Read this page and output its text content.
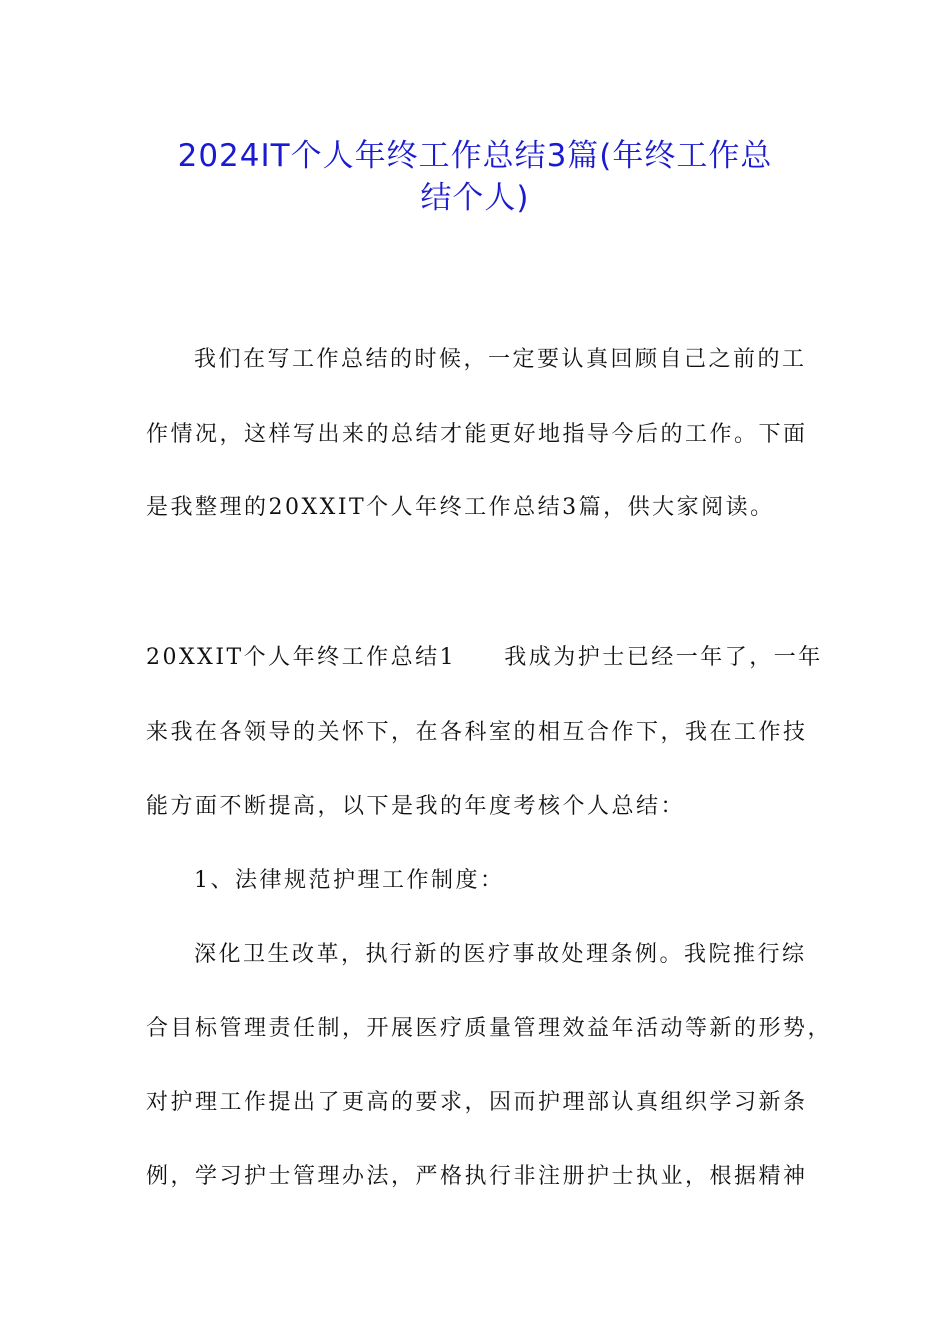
2024IT个人年终工作总结3篇(年终工作总
结个人)
我们在写工作总结的时候，一定要认真回顾自己之前的工
作情况，这样写出来的总结才能更好地指导今后的工作。下面
是我整理的20XXIT个人年终工作总结3篇，供大家阅读。
20XXIT个人年终工作总结1 我成为护士已经一年了，一年
来我在各领导的关怀下，在各科室的相互合作下，我在工作技
能方面不断提高，以下是我的年度考核个人总结：
1、法律规范护理工作制度：
深化卫生改革，执行新的医疗事故处理条例。我院推行综
合目标管理责任制，开展医疗质量管理效益年活动等新的形势，
对护理工作提出了更高的要求，因而护理部认真组织学习新条
例，学习护士管理办法，严格执行非注册护士执业，根据精神
